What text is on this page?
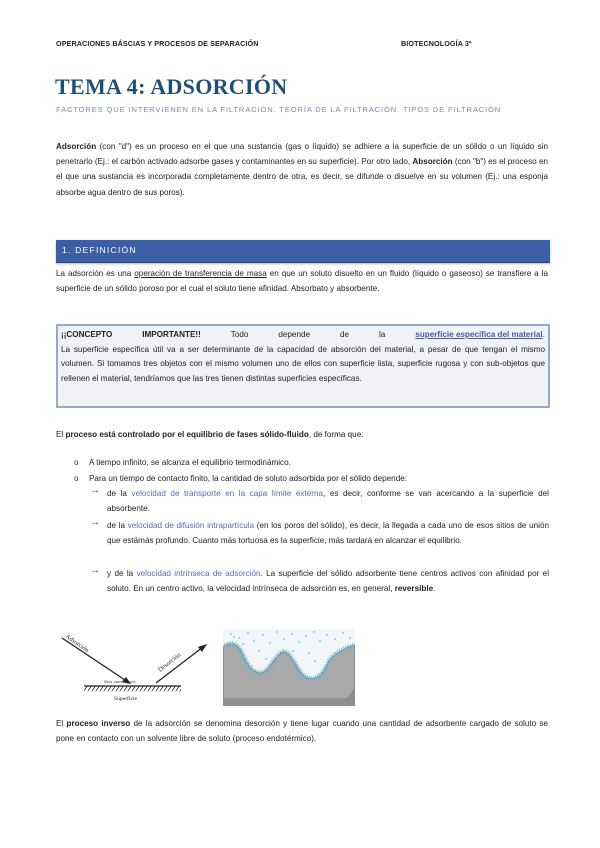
OPERACIONES BÁSCIAS Y PROCESOS DE SEPARACIÓN	BIOTECNOLOGÍA 3º
TEMA 4: ADSORCIÓN
FACTORES QUE INTERVIENEN EN LA FILTRACIÓN. TEORÍA DE LA FILTRACIÓN. TIPOS DE FILTRACIÓN
Adsorción (con "d") es un proceso en el que una sustancia (gas o líquido) se adhiere a la superficie de un sólido o un líquido sin penetrarlo (Ej.: el carbón activado adsorbe gases y contaminantes en su superficie). Por otro lado, Absorción (con "b") es el proceso en el que una sustancia es incorporada completamente dentro de otra, es decir, se difunde o disuelve en su volumen (Ej.: una esponja absorbe agua dentro de sus poros).
1. DEFINICIÓN
La adsorción es una operación de transferencia de masa en que un soluto disuelto en un fluido (líquido o gaseoso) se transfiere a la superficie de un sólido poroso por el cual el soluto tiene afinidad. Absorbato y absorbente.
¡¡CONCEPTO	IMPORTANTE!!	Todo	depende	de	la	superficie específica del material.
La superficie específica útil va a ser determinante de la capacidad de absorción del material, a pesar de que tengan el mismo volumen. Si tomamos tres objetos con el mismo volumen uno de ellos con superficie lista, superficie rugosa y con sub-objetos que rellenen el material, tendríamos que las tres tienen distintas superficies específicas.
El proceso está controlado por el equilibrio de fases sólido-fluido, de forma que:
o A tiempo infinito, se alcanza el equilibrio termodinámico.
o Para un tiempo de contacto finito, la cantidad de soluto adsorbida por el sólido depende:
→ de la velocidad de transporte en la capa límite externa, es decir, conforme se van acercando a la superficie del absorbente.
→ de la velocidad de difusión intrapartícula (en los poros del sólido), es decir, la llegada a cada uno de esos sitios de unión que estámás profundo. Cuanto más tortuosa es la superficie, más tardará en alcanzar el equilibrio.
→ y de la velocidad intrínseca de adsorción. La superficie del sólido adsorbente tiene centros activos con afinidad por el soluto. En un centro activo, la velocidad intrínseca de adsorción es, en general, reversible.
Adsorción
Desorción
Sitios, material, poros
Superficie
El proceso inverso de la adsorción se denomina desorción y tiene lugar cuando una cantidad de adsorbente cargado de soluto se pone en contacto con un solvente libre de soluto (proceso endotérmico).
